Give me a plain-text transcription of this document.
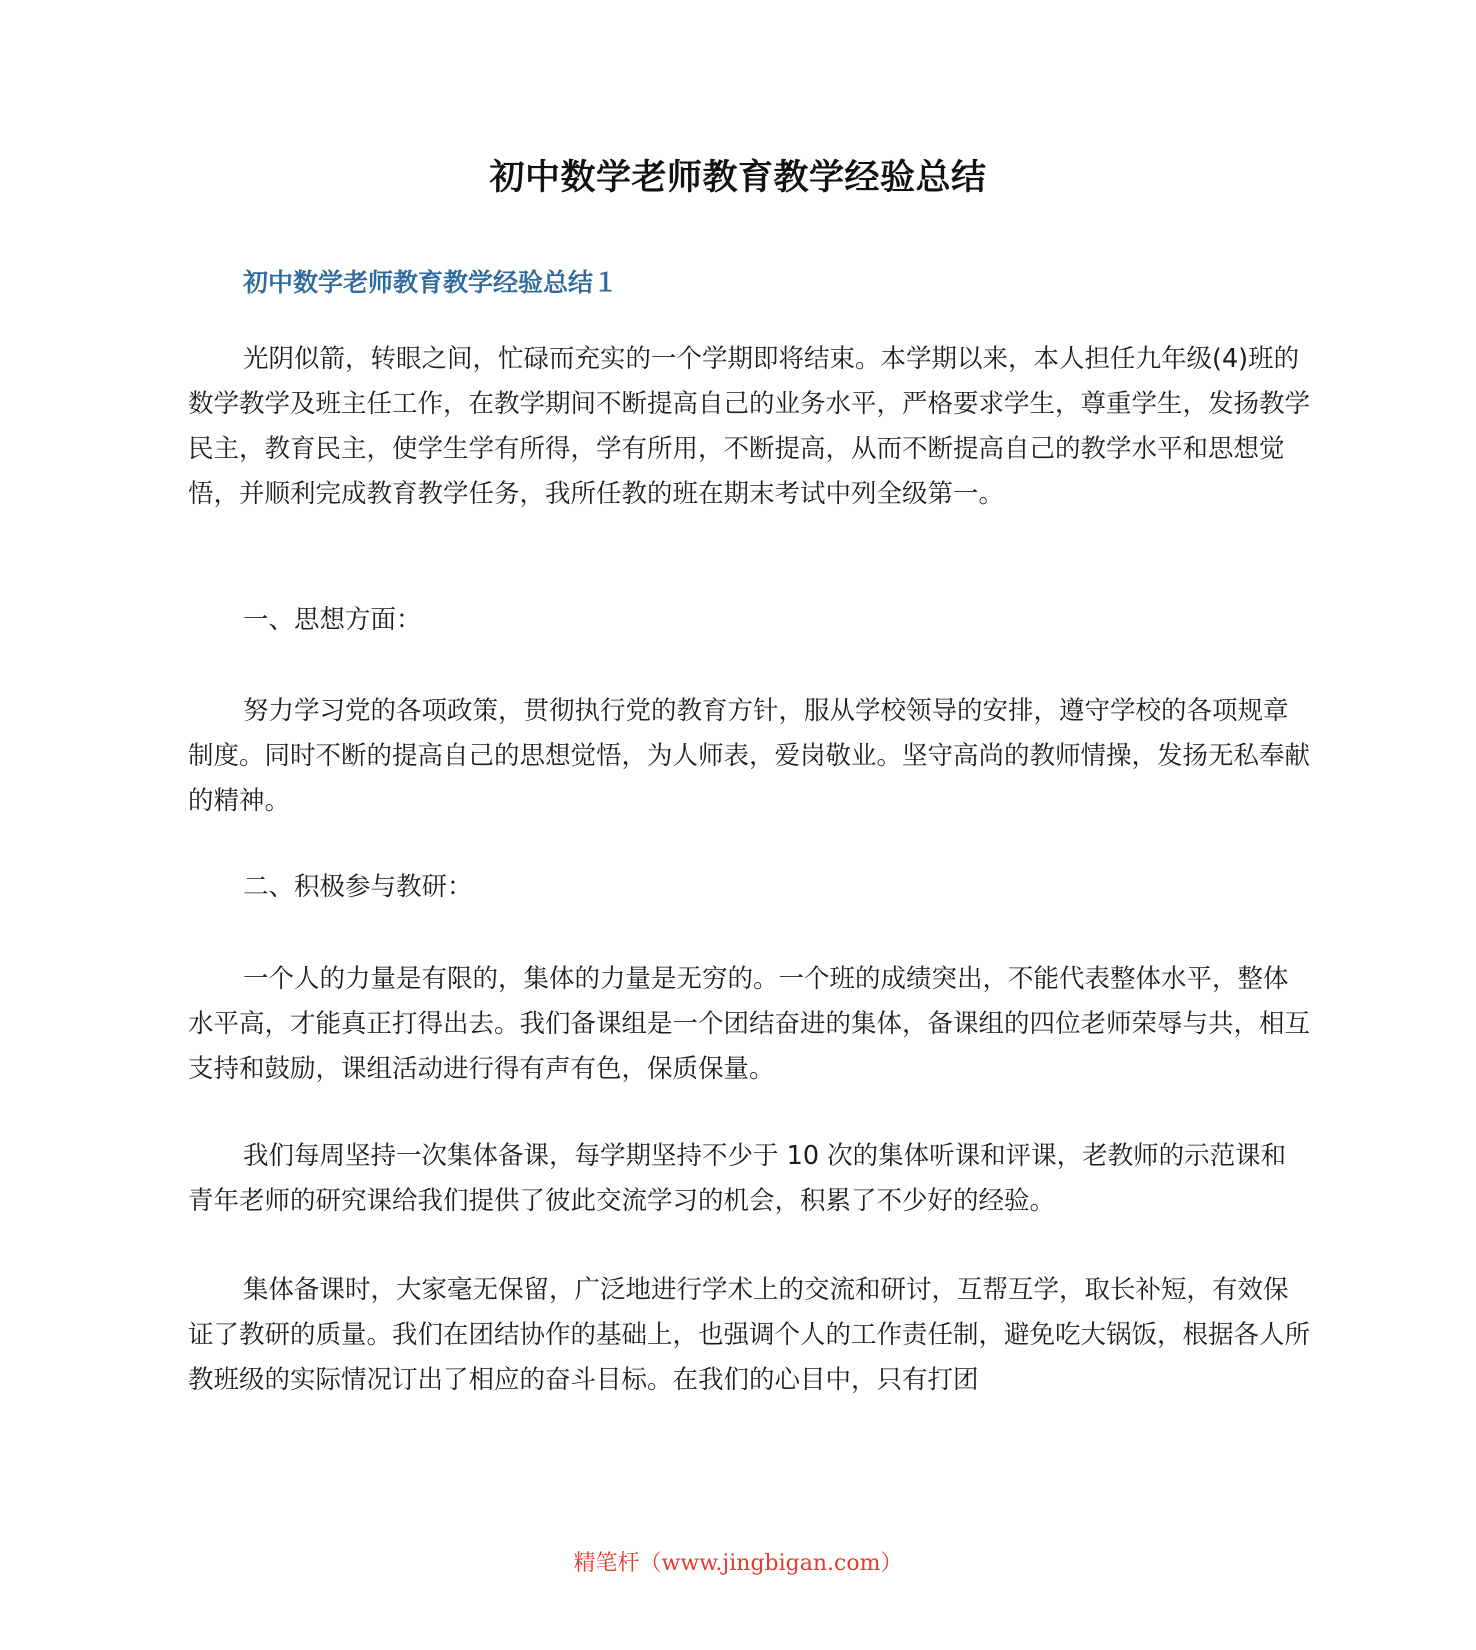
初中数学老师教育教学经验总结
初中数学老师教育教学经验总结１

光阴似箭，转眼之间，忙碌而充实的一个学期即将结束。本学期以来，本人担任九年级(4)班的数学教学及班主任工作，在教学期间不断提高自己的业务水平，严格要求学生，尊重学生，发扬教学民主，教育民主，使学生学有所得，学有所用，不断提高，从而不断提高自己的教学水平和思想觉悟，并顺利完成教育教学任务，我所任教的班在期末考试中列全级第一。

一、思想方面：

努力学习党的各项政策，贯彻执行党的教育方针，服从学校领导的安排，遵守学校的各项规章制度。同时不断的提高自己的思想觉悟，为人师表，爱岗敬业。坚守高尚的教师情操，发扬无私奉献的精神。

二、积极参与教研：

一个人的力量是有限的，集体的力量是无穷的。一个班的成绩突出，不能代表整体水平，整体水平高，才能真正打得出去。我们备课组是一个团结奋进的集体，备课组的四位老师荣辱与共，相互支持和鼓励，课组活动进行得有声有色，保质保量。

我们每周坚持一次集体备课，每学期坚持不少于 10 次的集体听课和评课，老教师的示范课和青年老师的研究课给我们提供了彼此交流学习的机会，积累了不少好的经验。

集体备课时，大家毫无保留，广泛地进行学术上的交流和研讨，互帮互学，取长补短，有效保证了教研的质量。我们在团结协作的基础上，也强调个人的工作责任制，避免吃大锅饭，根据各人所教班级的实际情况订出了相应的奋斗目标。在我们的心目中，只有打团

精笔杆（www.jingbigan.com）
